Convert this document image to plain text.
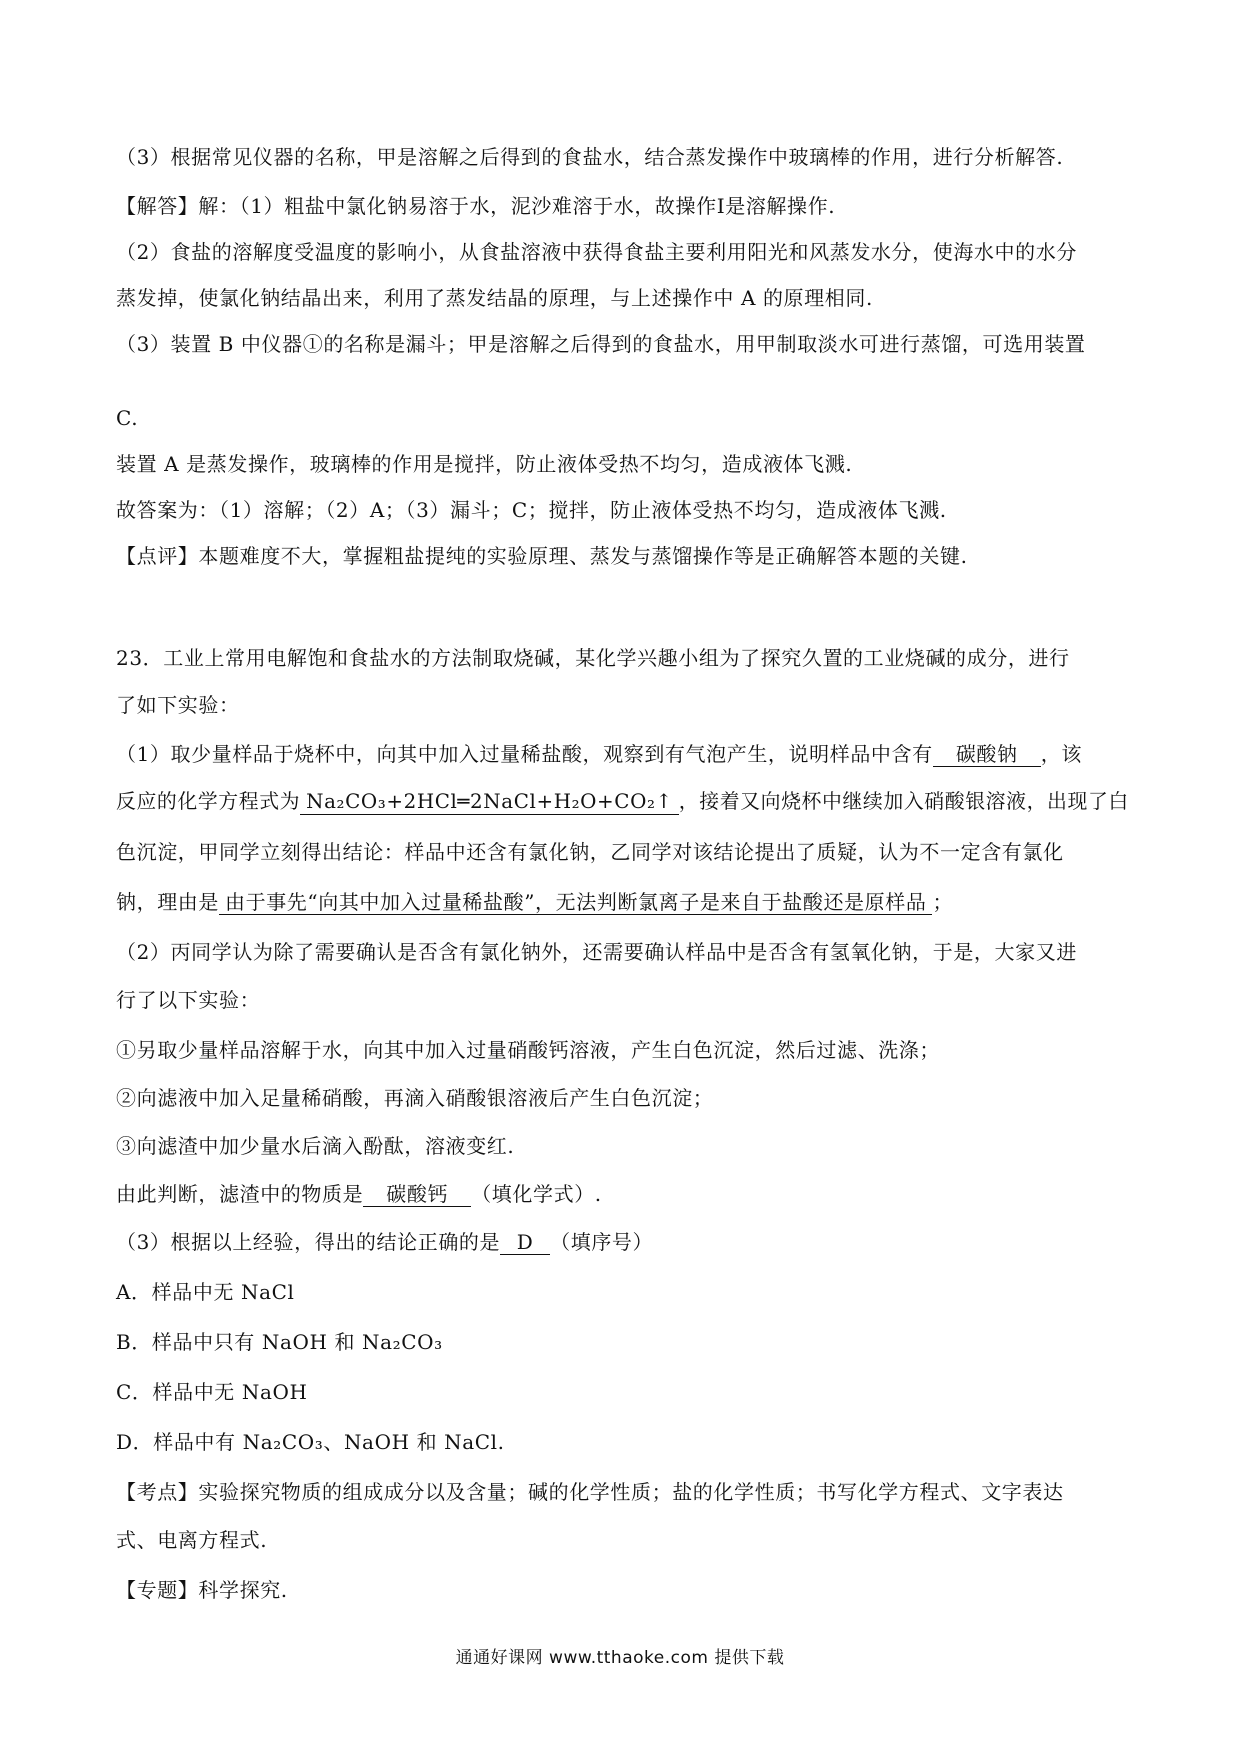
（3）根据常见仪器的名称，甲是溶解之后得到的食盐水，结合蒸发操作中玻璃棒的作用，进行分析解答.
【解答】解：（1）粗盐中氯化钠易溶于水，泥沙难溶于水，故操作Ⅰ是溶解操作.
（2）食盐的溶解度受温度的影响小，从食盐溶液中获得食盐主要利用阳光和风蒸发水分，使海水中的水分
蒸发掉，使氯化钠结晶出来，利用了蒸发结晶的原理，与上述操作中 A 的原理相同.
（3）装置 B 中仪器①的名称是漏斗；甲是溶解之后得到的食盐水，用甲制取淡水可进行蒸馏，可选用装置
C.
装置 A 是蒸发操作，玻璃棒的作用是搅拌，防止液体受热不均匀，造成液体飞溅.
故答案为：（1）溶解；（2）A；（3）漏斗；C；搅拌，防止液体受热不均匀，造成液体飞溅.
【点评】本题难度不大，掌握粗盐提纯的实验原理、蒸发与蒸馏操作等是正确解答本题的关键.
23．工业上常用电解饱和食盐水的方法制取烧碱，某化学兴趣小组为了探究久置的工业烧碱的成分，进行
了如下实验：
（1）取少量样品于烧杯中，向其中加入过量稀盐酸，观察到有气泡产生，说明样品中含有 碳酸钠 ，该
反应的化学方程式为 Na₂CO₃+2HCl═2NaCl+H₂O+CO₂↑ ，接着又向烧杯中继续加入硝酸银溶液，出现了白
色沉淀，甲同学立刻得出结论：样品中还含有氯化钠，乙同学对该结论提出了质疑，认为不一定含有氯化
钠，理由是 由于事先“向其中加入过量稀盐酸”，无法判断氯离子是来自于盐酸还是原样品 ；
（2）丙同学认为除了需要确认是否含有氯化钠外，还需要确认样品中是否含有氢氧化钠，于是，大家又进
行了以下实验：
①另取少量样品溶解于水，向其中加入过量硝酸钙溶液，产生白色沉淀，然后过滤、洗涤；
②向滤液中加入足量稀硝酸，再滴入硝酸银溶液后产生白色沉淀；
③向滤渣中加少量水后滴入酚酞，溶液变红.
由此判断，滤渣中的物质是 碳酸钙 （填化学式）.
（3）根据以上经验，得出的结论正确的是 D （填序号）
A．样品中无 NaCl
B．样品中只有 NaOH 和 Na₂CO₃
C．样品中无 NaOH
D．样品中有 Na₂CO₃、NaOH 和 NaCl.
【考点】实验探究物质的组成成分以及含量；碱的化学性质；盐的化学性质；书写化学方程式、文字表达
式、电离方程式.
【专题】科学探究.
通通好课网 www.tthaoke.com 提供下载
